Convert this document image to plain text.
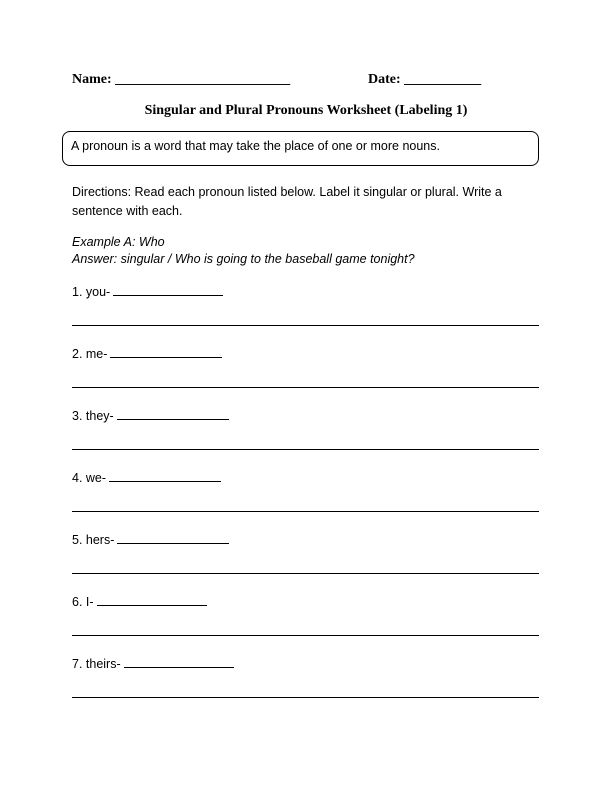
Name: _________________________	Date: ___________
Singular and Plural Pronouns Worksheet (Labeling 1)
A pronoun is a word that may take the place of one or more nouns.
Directions: Read each pronoun listed below. Label it singular or plural. Write a sentence with each.
Example A: Who
Answer: singular / Who is going to the baseball game tonight?
1. you-
2. me-
3. they-
4. we-
5. hers-
6. I-
7. theirs-
